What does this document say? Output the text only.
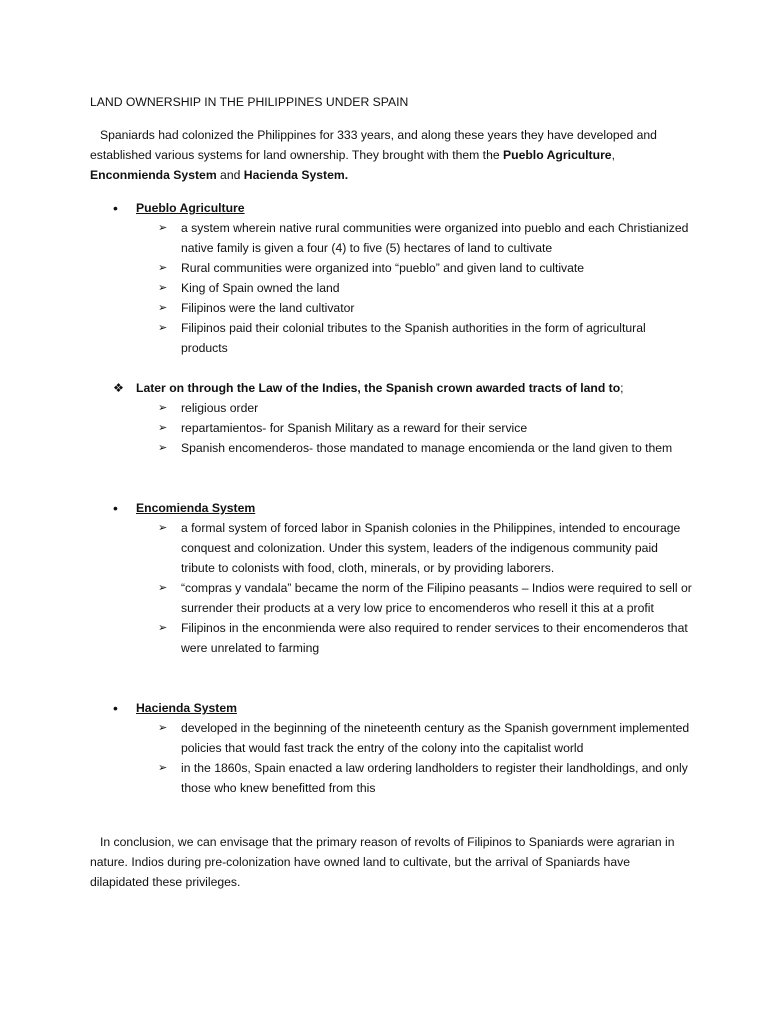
LAND OWNERSHIP IN THE PHILIPPINES UNDER SPAIN
Spaniards had colonized the Philippines for 333 years, and along these years they have developed and established various systems for land ownership. They brought with them the Pueblo Agriculture, Enconmienda System and Hacienda System.
•	Pueblo Agriculture
➢ a system wherein native rural communities were organized into pueblo and each Christianized native family is given a four (4) to five (5) hectares of land to cultivate
➢ Rural communities were organized into “pueblo” and given land to cultivate
➢ King of Spain owned the land
➢ Filipinos were the land cultivator
➢ Filipinos paid their colonial tributes to the Spanish authorities in the form of agricultural products
❖ Later on through the Law of the Indies, the Spanish crown awarded tracts of land to;
➢ religious order
➢ repartamientos- for Spanish Military as a reward for their service
➢ Spanish encomenderos- those mandated to manage encomienda or the land given to them
•	Encomienda System
➢ a formal system of forced labor in Spanish colonies in the Philippines, intended to encourage conquest and colonization. Under this system, leaders of the indigenous community paid tribute to colonists with food, cloth, minerals, or by providing laborers.
➢ “compras y vandala” became the norm of the Filipino peasants – Indios were required to sell or surrender their products at a very low price to encomenderos who resell it this at a profit
➢ Filipinos in the enconmienda were also required to render services to their encomenderos that were unrelated to farming
•	Hacienda System
➢ developed in the beginning of the nineteenth century as the Spanish government implemented policies that would fast track the entry of the colony into the capitalist world
➢ in the 1860s, Spain enacted a law ordering landholders to register their landholdings, and only those who knew benefitted from this
In conclusion, we can envisage that the primary reason of revolts of Filipinos to Spaniards were agrarian in nature. Indios during pre-colonization have owned land to cultivate, but the arrival of Spaniards have dilapidated these privileges.
